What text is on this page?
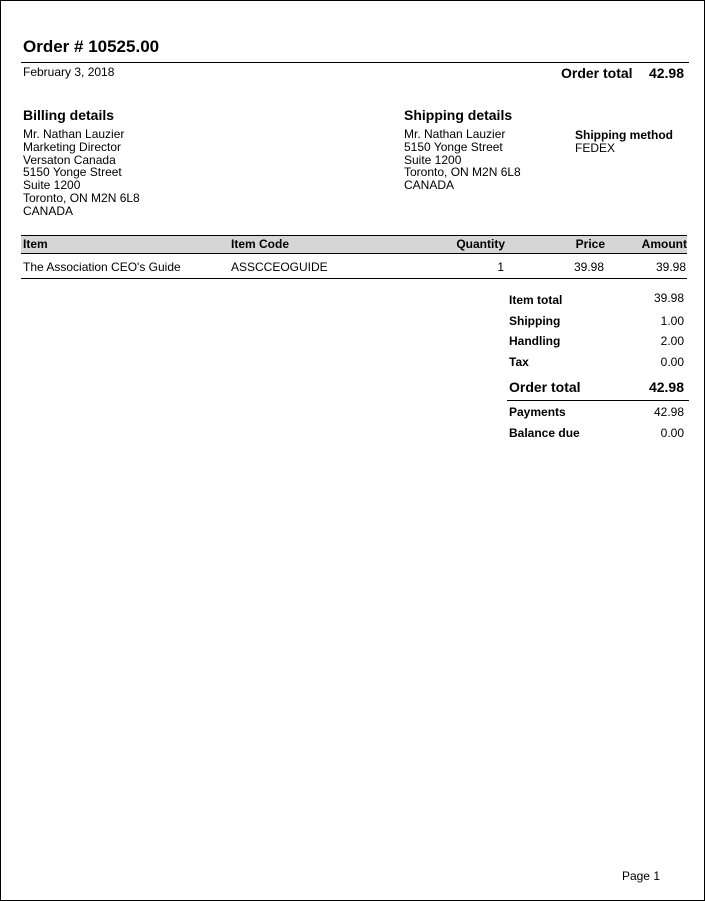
Order # 10525.00
February 3, 2018	Order total 42.98
Billing details
Mr. Nathan Lauzier
Marketing Director
Versaton Canada
5150 Yonge Street
Suite 1200
Toronto, ON M2N 6L8
CANADA
Shipping details
Mr. Nathan Lauzier
5150 Yonge Street
Suite 1200
Toronto, ON M2N 6L8
CANADA
Shipping method
FEDEX
Item	Item Code	Quantity	Price	Amount
The Association CEO's Guide	ASSCCEOGUIDE	1	39.98	39.98
Item total	39.98
Shipping	1.00
Handling	2.00
Tax	0.00
Order total	42.98
Payments	42.98
Balance due	0.00
Page 1
